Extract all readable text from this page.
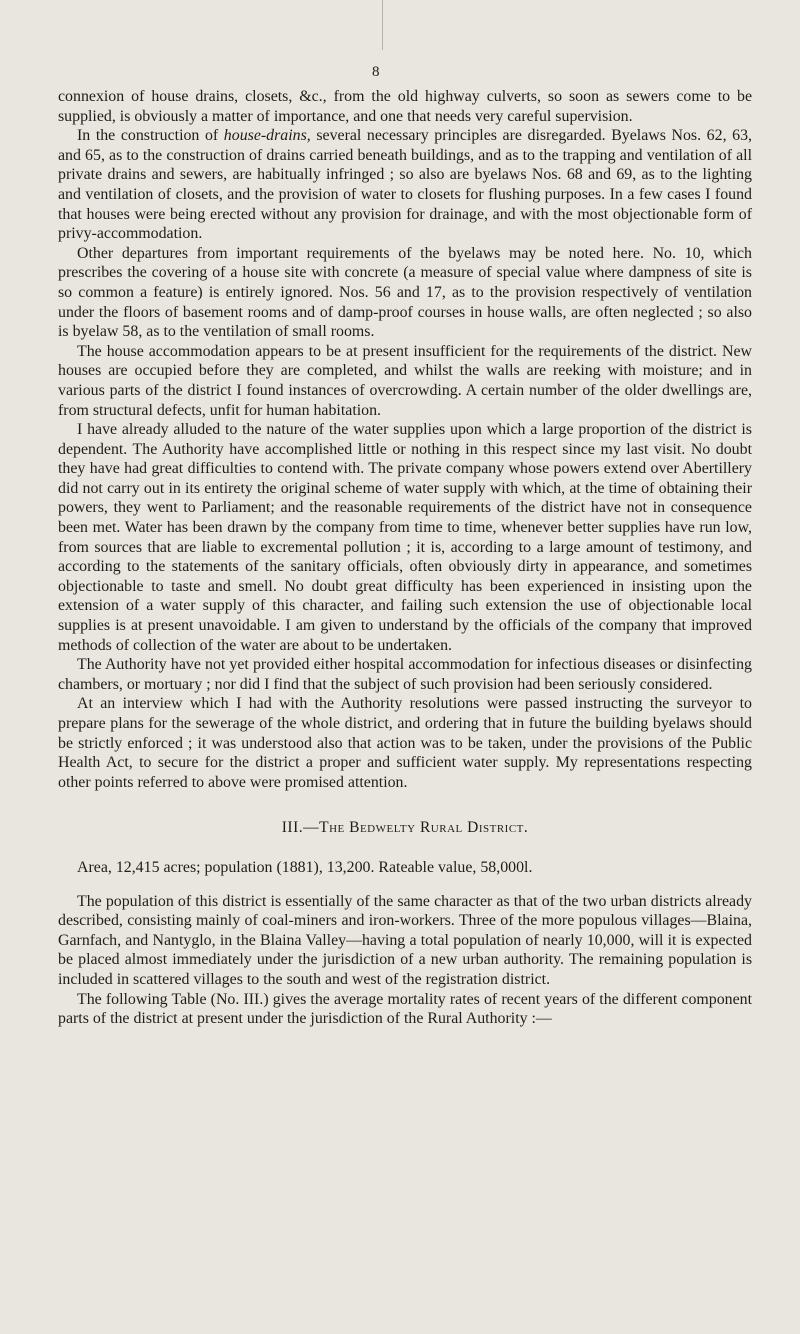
8

connexion of house drains, closets, &c., from the old highway culverts, so soon as sewers come to be supplied, is obviously a matter of importance, and one that needs very careful supervision.

In the construction of house-drains, several necessary principles are disregarded. Byelaws Nos. 62, 63, and 65, as to the construction of drains carried beneath buildings, and as to the trapping and ventilation of all private drains and sewers, are habitually infringed ; so also are byelaws Nos. 68 and 69, as to the lighting and ventilation of closets, and the provision of water to closets for flushing purposes. In a few cases I found that houses were being erected without any provision for drainage, and with the most objectionable form of privy-accommodation.

Other departures from important requirements of the byelaws may be noted here. No. 10, which prescribes the covering of a house site with concrete (a measure of special value where dampness of site is so common a feature) is entirely ignored. Nos. 56 and 17, as to the provision respectively of ventilation under the floors of basement rooms and of damp-proof courses in house walls, are often neglected ; so also is byelaw 58, as to the ventilation of small rooms.

The house accommodation appears to be at present insufficient for the requirements of the district. New houses are occupied before they are completed, and whilst the walls are reeking with moisture; and in various parts of the district I found instances of overcrowding. A certain number of the older dwellings are, from structural defects, unfit for human habitation.

I have already alluded to the nature of the water supplies upon which a large proportion of the district is dependent. The Authority have accomplished little or nothing in this respect since my last visit. No doubt they have had great difficulties to contend with. The private company whose powers extend over Abertillery did not carry out in its entirety the original scheme of water supply with which, at the time of obtaining their powers, they went to Parliament; and the reasonable requirements of the district have not in consequence been met. Water has been drawn by the company from time to time, whenever better supplies have run low, from sources that are liable to excremental pollution ; it is, according to a large amount of testimony, and according to the statements of the sanitary officials, often obviously dirty in appearance, and sometimes objectionable to taste and smell. No doubt great difficulty has been experienced in insisting upon the extension of a water supply of this character, and failing such extension the use of objectionable local supplies is at present unavoidable. I am given to understand by the officials of the company that improved methods of collection of the water are about to be undertaken.

The Authority have not yet provided either hospital accommodation for infectious diseases or disinfecting chambers, or mortuary ; nor did I find that the subject of such provision had been seriously considered.

At an interview which I had with the Authority resolutions were passed instructing the surveyor to prepare plans for the sewerage of the whole district, and ordering that in future the building byelaws should be strictly enforced ; it was understood also that action was to be taken, under the provisions of the Public Health Act, to secure for the district a proper and sufficient water supply. My representations respecting other points referred to above were promised attention.

III.—The Bedwelty Rural District.

Area, 12,415 acres; population (1881), 13,200. Rateable value, 58,000l.

The population of this district is essentially of the same character as that of the two urban districts already described, consisting mainly of coal-miners and iron-workers. Three of the more populous villages—Blaina, Garnfach, and Nantyglo, in the Blaina Valley—having a total population of nearly 10,000, will it is expected be placed almost immediately under the jurisdiction of a new urban authority. The remaining population is included in scattered villages to the south and west of the registration district.

The following Table (No. III.) gives the average mortality rates of recent years of the different component parts of the district at present under the jurisdiction of the Rural Authority :—
